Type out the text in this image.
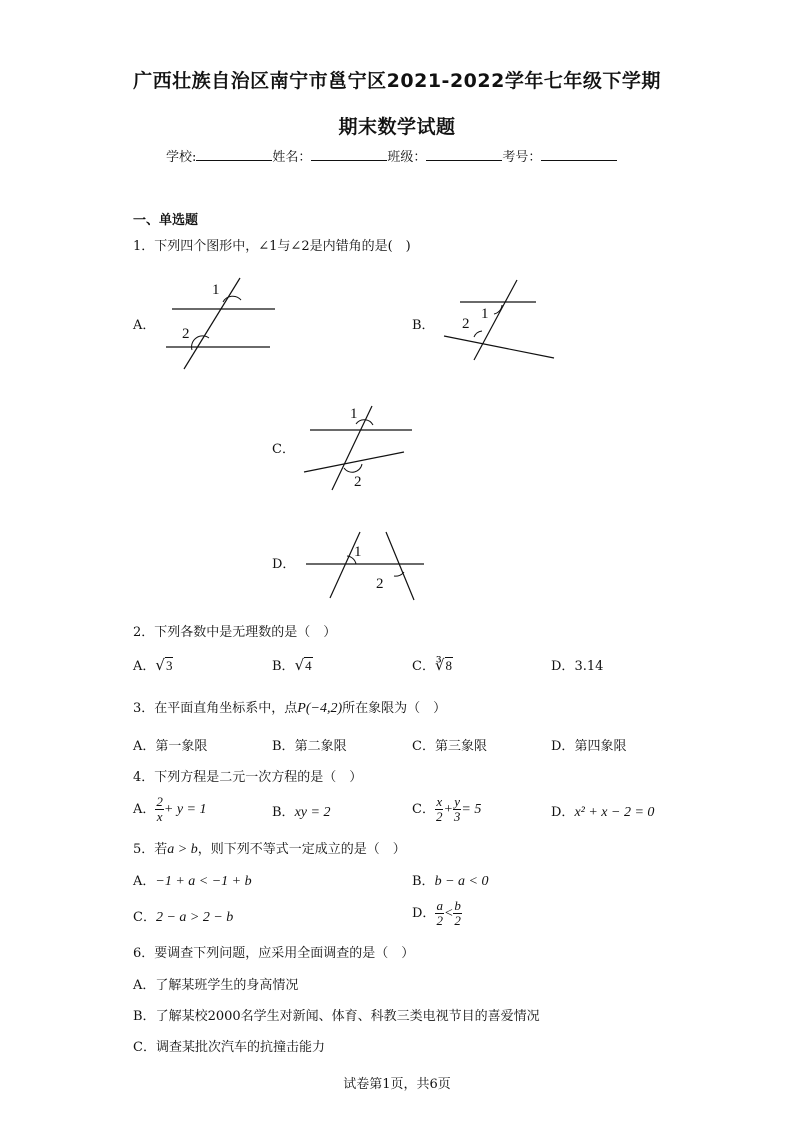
广西壮族自治区南宁市邕宁区2021-2022学年七年级下学期
期末数学试题
学校:	姓名：	班级：	考号：
一、单选题
1．下列四个图形中，∠1与∠2是内错角的是(　)
A．
1
2
B．
1
2
C．
1
2
D．
1
2
2．下列各数中是无理数的是（　）
A．√3	B．√4	C．∛8	D．3.14
3．在平面直角坐标系中，点P(−4,2)所在象限为（　）
A．第一象限	B．第二象限	C．第三象限	D．第四象限
4．下列方程是二元一次方程的是（　）
A． $\frac{2}{x} + y = 1$	B．xy = 2	C． $\frac{x}{2} + \frac{y}{3} = 5$	D．x² + x − 2 = 0
5．若a > b，则下列不等式一定成立的是（　）
A．−1 + a < −1 + b	B．b − a < 0
C．2 − a > 2 − b	D． $\frac{a}{2} < \frac{b}{2}$
6．要调查下列问题，应采用全面调查的是（　）
A．了解某班学生的身高情况
B．了解某校2000名学生对新闻、体育、科教三类电视节目的喜爱情况
C．调查某批次汽车的抗撞击能力
试卷第1页，共6页
